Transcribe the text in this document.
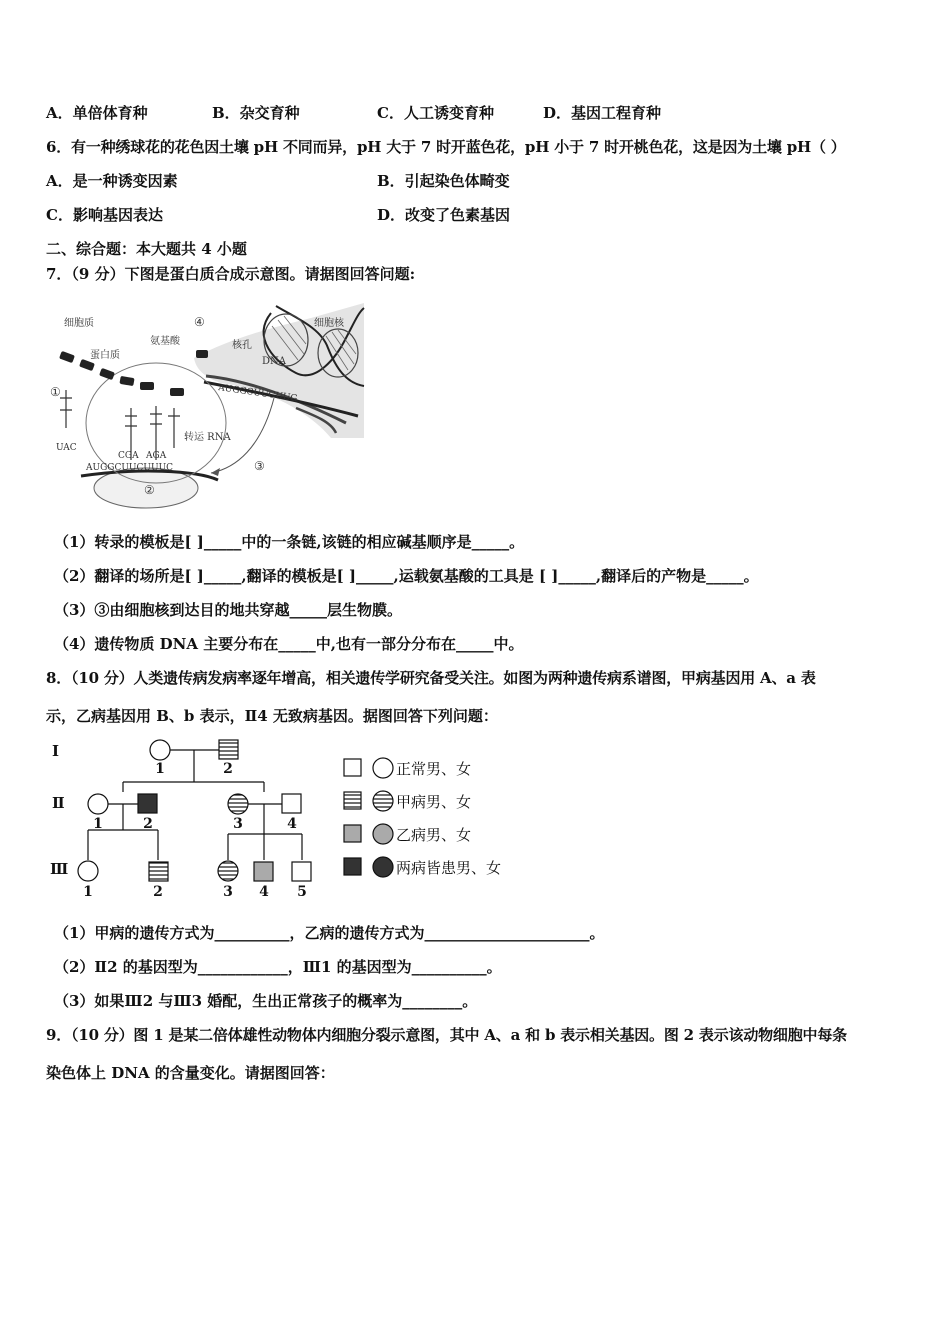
A．单倍体育种	B．杂交育种	C．人工诱变育种	D．基因工程育种
6．有一种绣球花的花色因土壤 pH 不同而异，pH 大于 7 时开蓝色花，pH 小于 7 时开桃色花，这是因为土壤 pH（ ）
A．是一种诱变因素	B．引起染色体畸变
C．影响基因表达	D．改变了色素基因
二、综合题：本大题共 4 小题
7．（9 分）下图是蛋白质合成示意图。请据图回答问题:
细胞质
蛋白质
氨基酸
④	细胞核
核孔
DNA
AUGGCUUCUUG
①
转运 RNA
UAC
CGA AGA
AUGGCUUCUUUC	③
②
（1）转录的模板是[ ]_____中的一条链,该链的相应碱基顺序是_____。
（2）翻译的场所是[ ]_____,翻译的模板是[ ]_____,运载氨基酸的工具是 [ ]_____,翻译后的产物是_____。
（3）③由细胞核到达目的地共穿越_____层生物膜。
（4）遗传物质 DNA 主要分布在_____中,也有一部分分布在_____中。
8．（10 分）人类遗传病发病率逐年增高，相关遗传学研究备受关注。如图为两种遗传病系谱图，甲病基因用 A、a 表
示，乙病基因用 B、b 表示，Ⅱ4 无致病基因。据图回答下列问题：
Ⅰ
Ⅱ
Ⅲ
1	2
1	2	3	4
1	2	3 4 5
正常男、女
甲病男、女
乙病男、女
两病皆患男、女
（1）甲病的遗传方式为__________，乙病的遗传方式为______________________。
（2）Ⅱ2 的基因型为____________，Ⅲ1 的基因型为__________。
（3）如果Ⅲ2 与Ⅲ3 婚配，生出正常孩子的概率为________。
9．（10 分）图 1 是某二倍体雄性动物体内细胞分裂示意图，其中 A、a 和 b 表示相关基因。图 2 表示该动物细胞中每条
染色体上 DNA 的含量变化。请据图回答：
